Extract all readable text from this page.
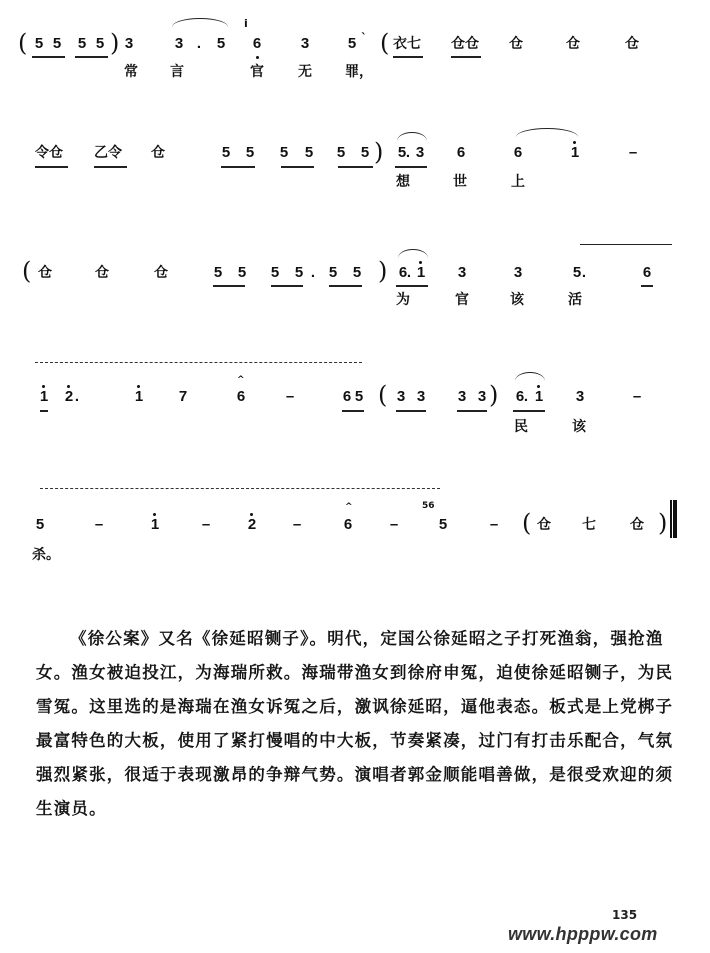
( 5 5 5 5 ) 3	3 .	5
i
6	3	5 ` ( 衣七 仓仓 仓	仓	仓
常 言	官 无 罪，
令仓 乙令 仓	5 5 5 5 5 5 ) 5 . 3 6	6	1	–
想	世	上
( 仓	仓	仓	5 5 5 5 . 5 5 ) 6 . 1 3	3	5 .	6
为	官	该	活
1 2 .	1 7
^
6	–	6 5 ( 3 3 3 3 ) 6 . 1 3	–
民	该
5	–	1	–	2 –
^
6	–
56
5	– ( 仓 七 仓 )
杀。

《徐公案》又名《徐延昭铡子》。明代，定国公徐延昭之子打死渔翁，强抢渔女。渔女被迫投江，为海瑞所救。海瑞带渔女到徐府申冤，迫使徐延昭铡子，为民雪冤。这里选的是海瑞在渔女诉冤之后，激讽徐延昭，逼他表态。板式是上党梆子最富特色的大板，使用了紧打慢唱的中大板，节奏紧凑，过门有打击乐配合，气氛强烈紧张，很适于表现激昂的争辩气势。演唱者郭金顺能唱善做，是很受欢迎的须生演员。

135
www.hpppw.com
